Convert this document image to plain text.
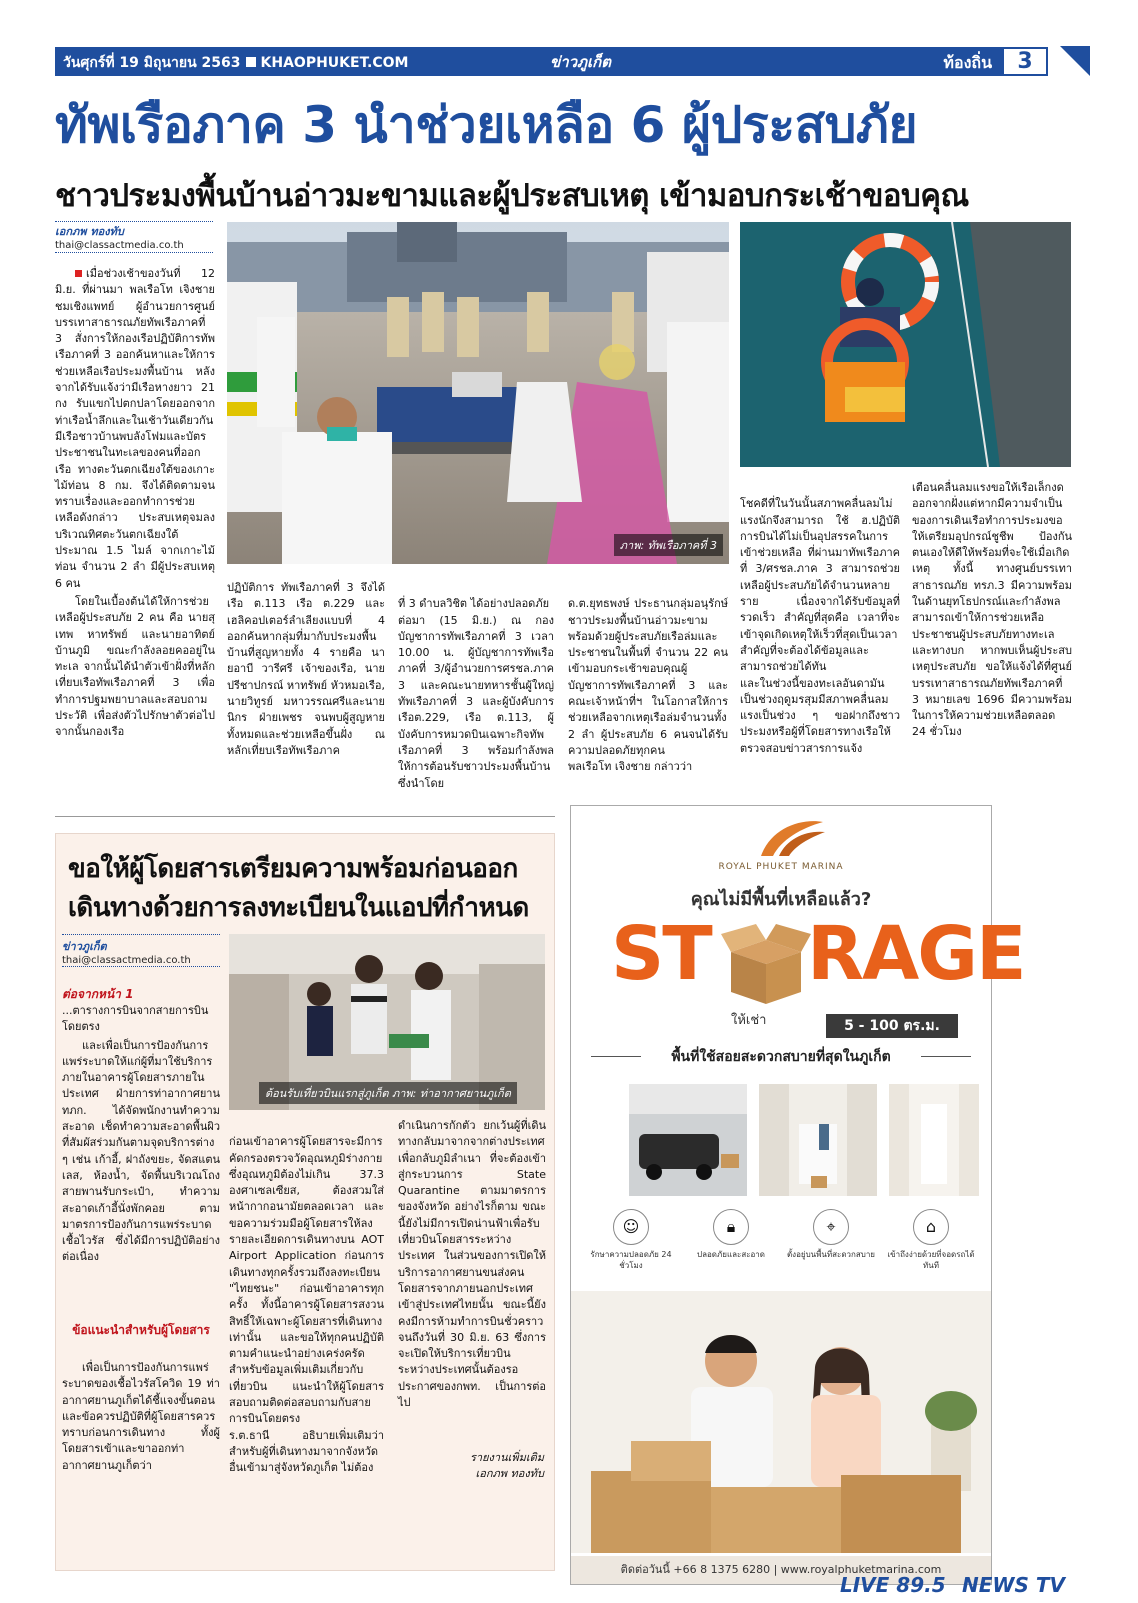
วันศุกร์ที่ 19 มิถุนายน 2563 KHAOPHUKET.COM	ข่าวภูเก็ต	ท้องถิ่น	3
ทัพเรือภาค 3 นำช่วยเหลือ 6 ผู้ประสบภัย
ชาวประมงพื้นบ้านอ่าวมะขามและผู้ประสบเหตุ เข้ามอบกระเช้าขอบคุณ
เอกภพ ทองทับ
thai@classactmedia.co.th

เมื่อช่วงเช้าของวันที่ 12 มิ.ย. ที่ผ่านมา พลเรือโท เจิงชาย ชมเชิงแพทย์ ผู้อำนวยการศูนย์บรรเทาสาธารณภัยทัพเรือภาคที่ 3 สั่งการให้กองเรือปฏิบัติการทัพเรือภาคที่ 3 ออกค้นหาและให้การช่วยเหลือเรือประมงพื้นบ้าน หลังจากได้รับแจ้งว่ามีเรือหางยาว 21 กง รับแขกไปตกปลาโดยออกจากท่าเรือน้ำลึกและในเช้าวันเดียวกันมีเรือชาวบ้านพบลังโฟมและบัตรประชาชนในทะเลของคนที่ออกเรือ ทางตะวันตกเฉียงใต้ของเกาะไม้ท่อน 8 กม. จึงได้ติดตามจนทราบเรื่องและออกทำการช่วยเหลือดังกล่าว ประสบเหตุจมลงบริเวณทิศตะวันตกเฉียงใต้ ประมาณ 1.5 ไมล์ จากเกาะไม้ท่อน จำนวน 2 ลำ มีผู้ประสบเหตุ 6 คน

โดยในเบื้องต้นได้ให้การช่วยเหลือผู้ประสบภัย 2 คน คือ นายสุเทพ หาทรัพย์ และนายอาทิตย์ บ้านภูมิ ขณะกำลังลอยคออยู่ในทะเล จากนั้นได้นำตัวเข้าฝั่งที่หลักเที่ยบเรือทัพเรือภาคที่ 3 เพื่อทำการปฐมพยาบาลและสอบถามประวัติ เพื่อส่งตัวไปรักษาตัวต่อไป จากนั้นกองเรือ

ภาพ: ทัพเรือภาคที่ 3

ปฏิบัติการ ทัพเรือภาคที่ 3 จึงได้ เรือ ต.113 เรือ ต.229 และเฮลิคอปเตอร์ลำเลียงแบบที่ 4 ออกค้นหากลุ่มที่มากับประมงพื้นบ้านที่สูญหายทั้ง 4 รายคือ นายอาบี วารีศรี เจ้าของเรือ, นายปรีชาปกรณ์ หาทรัพย์ หัวหมอเรือ, นายวิทูรย์ มหาวรรณศรีและนายนิกร ฝ่ายเพชร จนพบผู้สูญหายทั้งหมดและช่วยเหลือขึ้นฝั่ง ณ หลักเที่ยบเรือทัพเรือภาค

ที่ 3 ดำบลวิชิต ได้อย่างปลอดภัย
ต่อมา (15 มิ.ย.) ณ กองบัญชาการทัพเรือภาคที่ 3 เวลา 10.00 น. ผู้บัญชาการทัพเรือภาคที่ 3/ผู้อำนวยการศรชล.ภาค 3 และคณะนายทหารชั้นผู้ใหญ่ทัพเรือภาคที่ 3 และผู้บังคับการเรือต.229, เรือ ต.113, ผู้บังคับการหมวดบินเฉพาะกิจทัพเรือภาคที่ 3 พร้อมกำลังพล ให้การต้อนรับชาวประมงพื้นบ้าน ซึ่งนำโดย

ด.ต.ยุทธพงษ์ ประธานกลุ่มอนุรักษ์ชาวประมงพื้นบ้านอ่าวมะขาม พร้อมด้วยผู้ประสบภัยเรือล่มและประชาชนในพื้นที่ จำนวน 22 คน เข้ามอบกระเช้าขอบคุณผู้บัญชาการทัพเรือภาคที่ 3 และคณะเจ้าหน้าที่ฯ ในโอกาสให้การช่วยเหลือจากเหตุเรือล่มจำนวนทั้ง 2 ลำ ผู้ประสบภัย 6 คนจนได้รับความปลอดภัยทุกคน
พลเรือโท เจิงชาย กล่าวว่า

โชคดีที่ในวันนั้นสภาพคลื่นลมไม่แรงนักจึงสามารถ ใช้ ฮ.ปฏิบัติการบินได้ไม่เป็นอุปสรรคในการเข้าช่วยเหลือ ที่ผ่านมาทัพเรือภาคที่ 3/ศรชล.ภาค 3 สามารถช่วยเหลือผู้ประสบภัยได้จำนวนหลายราย เนื่องจากได้รับข้อมูลที่รวดเร็ว สำคัญที่สุดคือ เวลาที่จะเข้าจุดเกิดเหตุให้เร็วที่สุดเป็นเวลาสำคัญที่จะต้องได้ข้อมูลและสามารถช่วยได้ทัน
และในช่วงนี้ของทะเลอันดามันเป็นช่วงฤดูมรสุมมีสภาพคลื่นลมแรงเป็นช่วง ๆ ขอฝากถึงชาวประมงหรือผู้ที่โดยสารทางเรือให้ตรวจสอบข่าวสารการแจ้ง

เตือนคลื่นลมแรงขอให้เรือเล็กงดออกจากฝั่งแต่หากมีความจำเป็นของการเดินเรือทำการประมงขอให้เตรียมอุปกรณ์ชูชีพ ป้องกันตนเองให้ดีให้พร้อมที่จะใช้เมื่อเกิดเหตุ ทั้งนี้ ทางศูนย์บรรเทาสาธารณภัย ทรภ.3 มีความพร้อมในด้านยุทโธปกรณ์และกำลังพลสามารถเข้าให้การช่วยเหลือประชาชนผู้ประสบภัยทางทะเลและทางบก หากพบเห็นผู้ประสบเหตุประสบภัย ขอให้แจ้งได้ที่ศูนย์บรรเทาสาธารณภัยทัพเรือภาคที่ 3 หมายเลข 1696 มีความพร้อมในการให้ความช่วยเหลือตลอด 24 ชั่วโมง

ขอให้ผู้โดยสารเตรียมความพร้อมก่อนออก
เดินทางด้วยการลงทะเบียนในแอปที่กำหนด
ข่าวภูเก็ต
thai@classactmedia.co.th
ต่อจากหน้า 1

...ตารางการบินจากสายการบินโดยตรง

และเพื่อเป็นการป้องกันการแพร่ระบาดให้แก่ผู้ที่มาใช้บริการ ภายในอาคารผู้โดยสารภายในประเทศ ฝ่ายการท่าอากาศยาน ทภก. ได้จัดพนักงานทำความสะอาด เช็ดทำความสะอาดพื้นผิวที่สัมผัสร่วมกันตามจุดบริการต่าง ๆ เช่น เก้าอี้, ฝาถังขยะ, จัดสแตนเลส, ห้องน้ำ, จัดพื้นบริเวณโถงสายพานรับกระเป๋า, ทำความสะอาดเก้าอี้นั่งพักคอย ตามมาตรการป้องกันการแพร่ระบาดเชื้อไวรัส ซึ่งได้มีการปฏิบัติอย่างต่อเนื่อง

ข้อแนะนำสำหรับผู้โดยสาร

เพื่อเป็นการป้องกันการแพร่ระบาดของเชื้อไวรัสโควิด 19 ท่าอากาศยานภูเก็ตได้ชี้แจงขั้นตอนและข้อควรปฏิบัติที่ผู้โดยสารควรทราบก่อนการเดินทาง ทั้งผู้โดยสารเข้าและขาออกท่าอากาศยานภูเก็ตว่า

ต้อนรับเที่ยวบินแรกสู่ภูเก็ต ภาพ: ท่าอากาศยานภูเก็ต

ก่อนเข้าอาคารผู้โดยสารจะมีการคัดกรองตรวจวัดอุณหภูมิร่างกาย ซึ่งอุณหภูมิต้องไม่เกิน 37.3 องศาเซลเซียส, ต้องสวมใส่หน้ากากอนามัยตลอดเวลา และขอความร่วมมือผู้โดยสารให้ลงรายละเอียดการเดินทางบน AOT Airport Application ก่อนการเดินทางทุกครั้งรวมถึงลงทะเบียน "ไทยชนะ" ก่อนเข้าอาคารทุกครั้ง ทั้งนี้อาคารผู้โดยสารสงวนสิทธิ์ให้เฉพาะผู้โดยสารที่เดินทางเท่านั้น และขอให้ทุกคนปฏิบัติตามคำแนะนำอย่างเคร่งครัด สำหรับข้อมูลเพิ่มเติมเกี่ยวกับเที่ยวบิน แนะนำให้ผู้โดยสารสอบถามติดต่อสอบถามกับสายการบินโดยตรง
ร.ต.ธานี อธิบายเพิ่มเติมว่า สำหรับผู้ที่เดินทางมาจากจังหวัดอื่นเข้ามาสู่จังหวัดภูเก็ต ไม่ต้อง

ดำเนินการกักตัว ยกเว้นผู้ที่เดินทางกลับมาจากจากต่างประเทศเพื่อกลับภูมิลำเนา ที่จะต้องเข้าสู่กระบวนการ State Quarantine ตามมาตรการของจังหวัด อย่างไรก็ตาม ขณะนี้ยังไม่มีการเปิดน่านฟ้าเพื่อรับเที่ยวบินโดยสารระหว่างประเทศ ในส่วนของการเปิดให้บริการอากาศยานขนส่งคนโดยสารจากภายนอกประเทศเข้าสู่ประเทศไทยนั้น ขณะนี้ยังคงมีการห้ามทำการบินชั่วคราวจนถึงวันที่ 30 มิ.ย. 63 ซึ่งการจะเปิดให้บริการเที่ยวบินระหว่างประเทศนั้นต้องรอประกาศของกพท. เป็นการต่อไป

รายงานเพิ่มเติม
เอกภพ ทองทับ
ROYAL PHUKET MARINA
คุณไม่มีพื้นที่เหลือแล้ว?
ST RAGE
ให้เช่า	5 - 100 ตร.ม.
พื้นที่ใช้สอยสะดวกสบายที่สุดในภูเก็ต
☺
รักษาความปลอดภัย 24 ชั่วโมง
🔒︎
ปลอดภัยและสะอาด
⌖
ตั้งอยู่บนพื้นที่สะดวกสบาย
⌂
เข้าถึงง่ายด้วยที่จอดรถได้ทันที
ติดต่อวันนี้ +66 8 1375 6280 | www.royalphuketmarina.com
LIVE 89.5 NEWS TV
